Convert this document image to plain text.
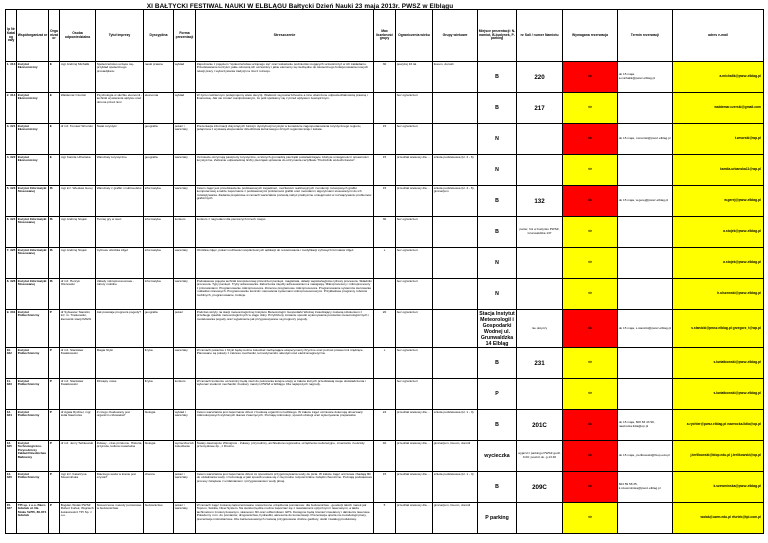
XI BAŁTYCKI FESTIWAL NAUKI W ELBLĄGU Bałtycki Dzień Nauki 23 maja 2013r. PWSZ w Elblągu
lp Nr Katalog owy	Współorganizat or	Orga nizat or	Osoba odpowiedzialna	Tytuł imprezy	Dyscyplina	Forma prezentacji	Streszczenie	Max liczebność grupy	Ograniczenia wieku	Grupy wiekowe	Miejsce prezentacji: N-namiot, B-budynek, P-parking	nr Sali / numer Namiotu	Wymagana rezerwacja	Termin rezerwacji	adres e-mail
1. 313	Instytut Ekonomiczny	E	mgr Andrzej Michalik	Społeczeństwo uczące się-przykład społecznego prosiadplanu	nauki prawne	wykład	Zapoznanie z pojęciem "społeczeństwa uczącego się" oraz wskazanie podmiotów mogących uczestniczyć w ich zakładaniu. Przedstawienie korzyści, jakie odnoszą ich uczestnicy i jakie elementy są niezbędne do skutecznego funkcjonowania nowych relacji pracy i wykorzystania tradycji na rzecz rozwoju.	30	powyżej 16 lat	liceum, dorośli	B	220	tak	do 15 maja, a.michalik@pwsz.elblag.pl	a.michalik@pwsz.elblag.pl
2. 314	Instytut Ekonomiczny	E	Waldemar Czerski	Psychologia w służbie ekonomii - techniki wywierania wpływu oraz obrona przed nimi	ekonomia	wykład	W życiu codziennym podejmujemy wiele decyzji. Wielkość są powierzchowne a inne obarczone odpowiedzialnością prawną i finansową. Jak nie zostać manipulowanym, że jeśli spotkamy się z przed wpływem zewnętrznym.		bez ograniczeń		B	217	nie		waldemar.czerski@gmail.com
3. 321	Instytut Ekonomiczny	E	dr inż. Tomasz Wnorski	Świat turystyki	geografia	pokaz i warsztaty	Prezentacja informacji dotyczących funkcji i dystrybucji turystyki w kontekście zagospodarowania turystycznego regionu, połączona z wystawą eksponatów dziedzictwa kulturowego różnych regionów kraju i świata.	15	bez ograniczeń		N		tak	do 15 maja, t.wnorski@pwsz.elblag.pl	t.wnorski@wp.pl
4. 322	Instytut Ekonomiczny	E	mgr Kamila Urbańska	Warsztaty turystyczne	geografia	warsztaty	Uczniowie otrzymują paszporty turystyczne, w których gromadzą pieczątki poświadczające zdobyte umiejętności i sprawności turystyczne. Zebranie odpowiedniej liczby pieczątek uprawnia do otrzymania certyfikatu "Podróżnik wszechczasów".	15	przedział wiekowy dla ...	szkoła podstawowa (kl. 4 - 6)	N		nie		kamila.urbanska11@wp.pl
5. 323	Instytut Informatyki Stosowanej	IS	mgr inż. Wiesław Gerej	Warsztaty z grafiki i multimediów	informatyka	warsztaty	Celem zajęć jest przedstawienie podstawowych zagadnień, możliwości realizacyjnych i tendencji rozwojowych grafiki komputerowej a także zapoznanie z podstawowymi problemami grafiki oraz metodami i algorytmami stosowanymi do ich rozwiązywania. Zadania projektowe w ramach warsztatów pozwolą nabyć praktyczne umiejętności w rozwiązywaniu problemów graficznych.	15	przedział wiekowy dla ...	szkoła podstawowa (kl. 4 - 6), gimnazjum	B	132	tak	do 15 maja, w.gerej@pwsz.elblag.pl	w.gerej@pwsz.elblag.pl
6. 324	Instytut Informatyki Stosowanej	IS	mgr Andrzej Stojek	Turniej gry w sieci	informatyka	konkurs	konkurs z nagrodami dla pierwszych trzech miejsc.	30	bez ograniczeń		B	parter, hol w budynku PWSZ, Grunwaldzka 137	nie		a.stojek@pwsz.elblag.pl
7. 325	Instytut Informatyki Stosowanej	IS	mgr Andrzej Stojek	Cyfrowe obróbka zdjęć	informatyka	warsztaty	Obróbka zdjęć, pokaz możliwości współczesnych aplikacji do retuszowania i modyfikacji cyfrowych formatów zdjęć.	x	bez ograniczeń		N		nie		a.stojek@pwsz.elblag.pl
8. 326	Instytut Informatyki Stosowanej	IS	dr inż. Henryk Olszewski	Układy mikroprocesorowe - roboty mobilne	informatyka	warsztaty	Podstawowe pojęcia techniki komputerowej przestrzeń pamięci, magistrala, układy wejścia/wyjścia cyfrowy procesora. Składniki procesora. Typy pamięci. Tryby adresowania. Zaburzenia między adresowaniem a nawigacją. Mikroprocesory i mikroprocesory z przerwaniami. Programowanie mikroprocesora. Zmienne programowe mikroprocesora. Programowanie systemów sterowania i układów czasowych. Programowanie kontroli i sterowania systemami mikroprocesorowymi. Przykładowe programy robotów mobilnych, programowanie, funkcje.		bez ograniczeń		N		nie		h.olszewski@pwsz.elblag.pl
9. 331	Instytut Politechniczny	P	dr Sylwester Stanicki, inż. G. Traskowski, kierownik stacji IMGW	Jak powstaje prognoza pogody?	geografia	pokaz	Podczas wizyty na stacji meteorologicznej Instytutu Meteorologii i Gospodarki Wodnej zwiedzający zostaną szkoleniem z przebiegu zjawisk meteorologicznych w ciągu doby. Przybliżony zostanie sposób wykonywania pomiarów meteorologicznych i modelowania pogody oraz wyjaśnienie jak przygotowywane są prognozy pogody.	20	bez ograniczeń		Stacja Instytut Meteorologii i Gospodarki Wodnej ul. Grunwaldzka 14 Elbląg	nie dotyczy	tak	do 15 maja, s.stanicki@pwsz.elblag.pl	s.stanicki@pwsz.elblag.pl grzegorz_t@wp.pl
10. 332	Instytut Politechniczny	P	dr inż. Stanisław Kwiatkowski	Magia fizyki	fizyka	warsztaty	W ramach pokazów z fizyki będą można zwiedzać zachęcające eksperymenty fizyczne oraz poznać prawa nimi rządzące. Planowane są pokazy z zakresu mechaniki, termodynamiki, akustyki oraz elektromagnetyzmu.	x	bez ograniczeń		B	231	nie		s.kwiatkowski@pwsz.elblag.pl
11. 333	Instytut Politechniczny	P	dr inż. Stanisław Kwiatkowski	Dźwięky nowe	fizyka	konkurs	W ramach konkursu uczestnicy będą mieli do pokonania kolejne etapy w trakcie których przedstawią swoje doświadczenia i wykonać studenci mechaniki i budowy maszyn PWSZ w Elblągu. Dla najlepszych nagrody.		bez ograniczeń		P		nie		s.kwiatkowski@pwsz.elblag.pl
12. 334	Instytut Politechniczny	P	dr Agata Rychter, mgr Lidia Nawrocka	Z czego zbudowany jest organizm człowieka?	biologia	wykład i warsztaty	Celem warsztatów jest zapoznanie dzieci z budową organizmu ludzkiego. W trakcie zajęć uczniowie dokonują obserwacji mikroskopowych wybranych tkanek zwierzęcych. Poznają mikroskop, sposób obsługi oraz wykonywanie preparatów.	24	przedział wiekowy dla ...	szkoła podstawowa (kl. 1 - 3)	B	201C	tak	do 15 maja, 600 83 43 99, nawrocka.lidia@op.pl	a.rychter@pwsz.elblag.pl nawrocka.lidia@op.pl
13. 335	Instytut Technologiczno-Przyrodniczy Zakład Dziedzictwa Bałtowicy	P	dr inż. Jerzy Terlikowski	Żuławy - czas przełomu. Historia, przyroda, kultura materialna	biologia	wycieczka lub zwiedzanie	Światy dawniejsze Wiśnigrów - Żuławy, przyrodnicy, architektura regionalna, urządzenia melioracyjne, cmentarze i kościoły przemysłowe itp., z Druzno.	40	przedział wiekowy dla ...	gimnazjum, liceum, dorośli	wycieczka	wyjazd z parkingu PWSZ godz. 9.00; powrót ok. g.13.30	tak	do 15 maja, j.terlikowski@biop.edu.pl	j.terlikowski@biop.edu.pl j.terlikowski@op.pl
14. 336	Instytut Politechniczny	P	mgr inż. Katarzyna Szewmińska	Dlaczego woda w kranie jest czysta?	chemia	pokaz i warsztaty	Celem warsztatów jest zapoznanie dzieci ze sposobami przygotowywania wody do picia. W trakcie zajęć uczniowie zbadają filtr do uzdatniania wody i zrozumieją w jaki sposób usuwa się z niej trudno rozpuszczalne związki chemiczne. Poznają podstawowe procesy związane z uzdatnianiem i przygotowaniem wody pitnej.	15	przedział wiekowy dla ...	szkoła podstawowa (kl. 1 - 3)	B	209C	tak	603 59 58 35, k.szewminska@pwsz.elblag.pl	k.szewminska@pwsz.elblag.pl
15. 337	TPI sp. z o.o. Biuro Gdańsk ul. Na Stoku 52/55, 80-874 Gdańsk	P	Bogdan Wolak PWSZ Robert Furlek, Wojciech Łukaszewicz TPI Sp. z o.o.	Nowoczesne metody pomiarowe w budownictwie	budownictwo	pokaz i warsztaty	W ramach zajęć zostaną zaprezentowane nowoczesne urządzenia pomiarowe: dla budownictwa - geodezji takich marek jak Topcon, Sokkia, Nivel System. Na stoisku będzie można zapoznać się z niwelatorami optycznymi i laserowymi, a także tachimetrem zmotoryzowanym, skanerem 3D oraz odbiornikiem GPS. Dostępne będą również niwelatory i dalmierze laserowe. Pokażemy m.in. do pomiarów, drogownictwa, hydrauliki, akcesoria do konserwacji. Prezentacja oparta na metodologii pracy, prezentacje instruktażowe. Dla zainteresowanych zostaną przygotowane drobne gadżety, ulotki i katalog produktowy.	5	przedział wiekowy dla ...	gimnazjum, liceum, dorośli	P parking		nie		wolak@uwm.edu.pl rfurlek@tpi.com.pl
